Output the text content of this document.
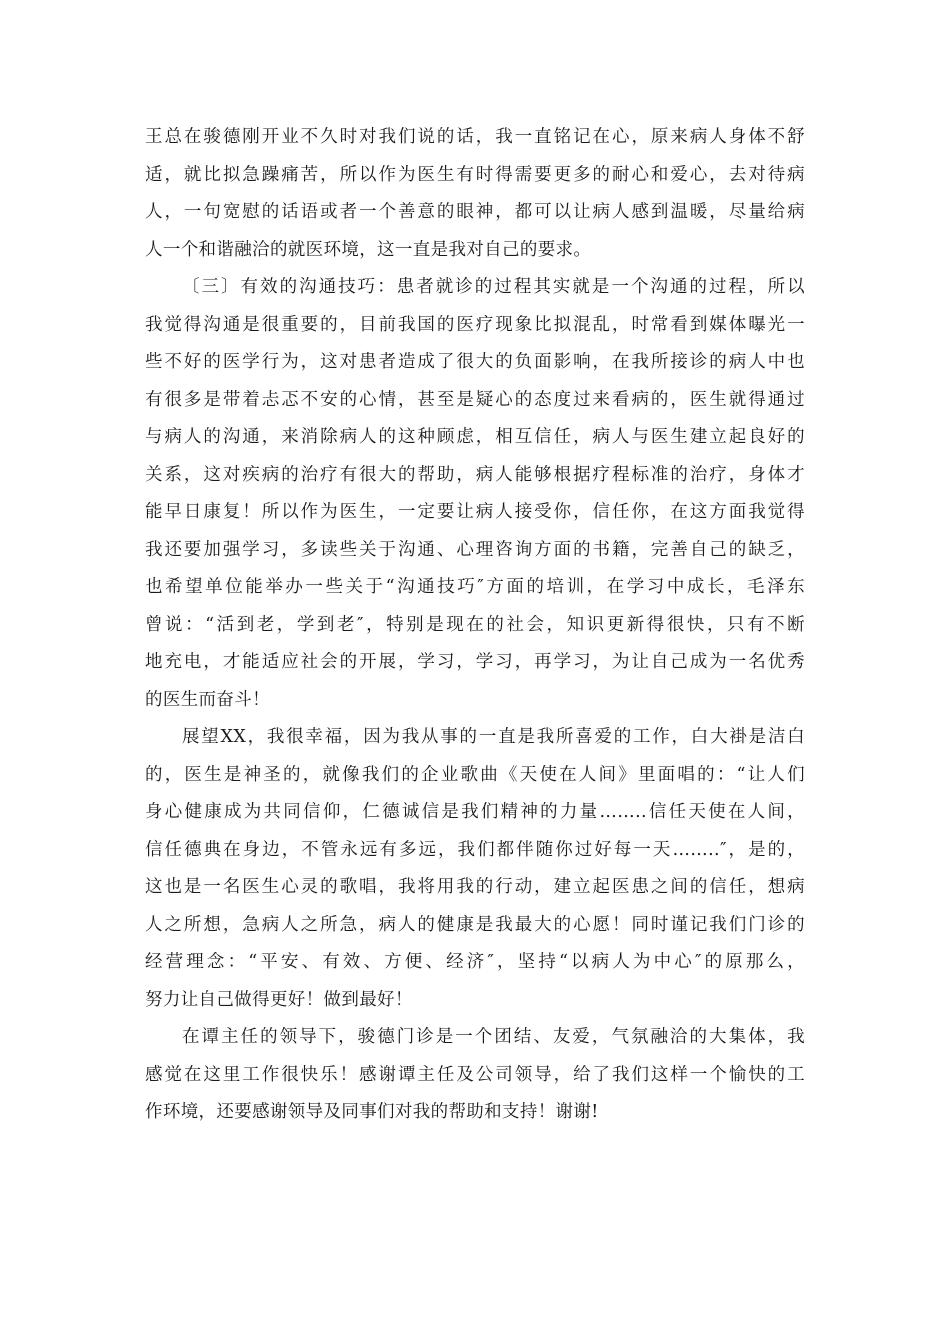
王总在骏德刚开业不久时对我们说的话，我一直铭记在心，原来病人身体不舒
适，就比拟急躁痛苦，所以作为医生有时得需要更多的耐心和爱心，去对待病
人，一句宽慰的话语或者一个善意的眼神，都可以让病人感到温暖，尽量给病
人一个和谐融洽的就医环境，这一直是我对自己的要求。
〔三〕有效的沟通技巧：患者就诊的过程其实就是一个沟通的过程，所以
我觉得沟通是很重要的，目前我国的医疗现象比拟混乱，时常看到媒体曝光一
些不好的医学行为，这对患者造成了很大的负面影响，在我所接诊的病人中也
有很多是带着忐忑不安的心情，甚至是疑心的态度过来看病的，医生就得通过
与病人的沟通，来消除病人的这种顾虑，相互信任，病人与医生建立起良好的
关系，这对疾病的治疗有很大的帮助，病人能够根据疗程标准的治疗，身体才
能早日康复！所以作为医生，一定要让病人接受你，信任你，在这方面我觉得
我还要加强学习，多读些关于沟通、心理咨询方面的书籍，完善自己的缺乏，
也希望单位能举办一些关于“沟通技巧″方面的培训，在学习中成长，毛泽东
曾说：“活到老，学到老″，特别是现在的社会，知识更新得很快，只有不断
地充电，才能适应社会的开展，学习，学习，再学习，为让自己成为一名优秀
的医生而奋斗！
展望XX，我很幸福，因为我从事的一直是我所喜爱的工作，白大褂是洁白
的，医生是神圣的，就像我们的企业歌曲《天使在人间》里面唱的：“让人们
身心健康成为共同信仰，仁德诚信是我们精神的力量……..信任天使在人间，
信任德典在身边，不管永远有多远，我们都伴随你过好每一天……..″，是的，
这也是一名医生心灵的歌唱，我将用我的行动，建立起医患之间的信任，想病
人之所想，急病人之所急，病人的健康是我最大的心愿！同时谨记我们门诊的
经营理念：“平安、有效、方便、经济″，坚持“以病人为中心″的原那么，
努力让自己做得更好！做到最好！
在谭主任的领导下，骏德门诊是一个团结、友爱，气氛融洽的大集体，我
感觉在这里工作很快乐！感谢谭主任及公司领导，给了我们这样一个愉快的工
作环境，还要感谢领导及同事们对我的帮助和支持！谢谢!
